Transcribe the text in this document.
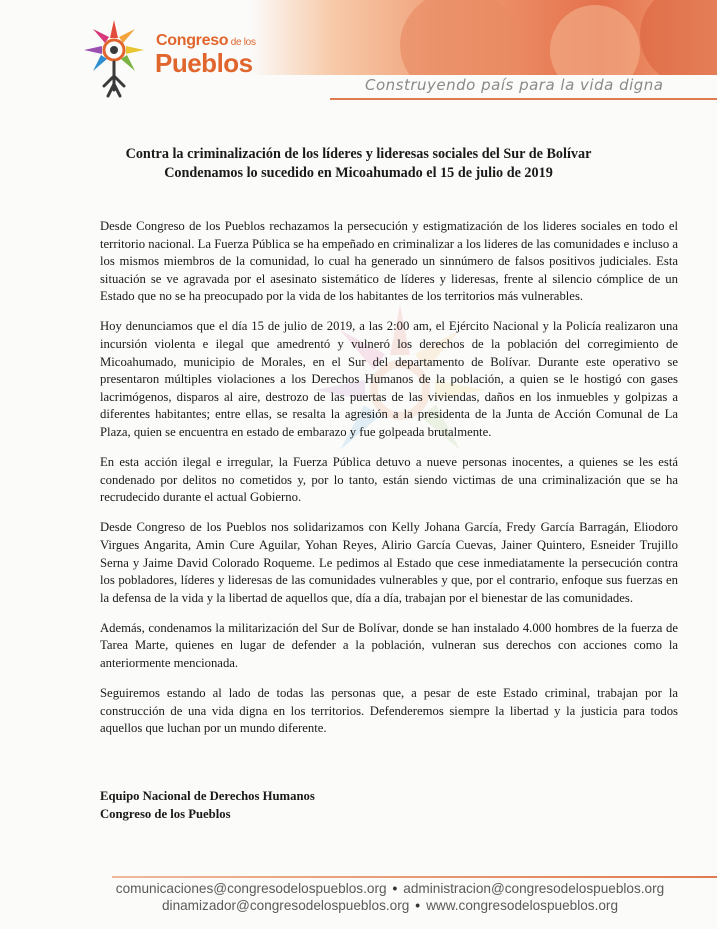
Congreso de los
Pueblos
Construyendo país para la vida digna
Contra la criminalización de los líderes y lideresas sociales del Sur de Bolívar
Condenamos lo sucedido en Micoahumado el 15 de julio de 2019

Desde Congreso de los Pueblos rechazamos la persecución y estigmatización de los lideres sociales en todo el territorio nacional. La Fuerza Pública se ha empeñado en criminalizar a los lideres de las comunidades e incluso a los mismos miembros de la comunidad, lo cual ha generado un sinnúmero de falsos positivos judiciales. Esta situación se ve agravada por el asesinato sistemático de líderes y lideresas, frente al silencio cómplice de un Estado que no se ha preocupado por la vida de los habitantes de los territorios más vulnerables.

Hoy denunciamos que el día 15 de julio de 2019, a las 2:00 am, el Ejército Nacional y la Policía realizaron una incursión violenta e ilegal que amedrentó y vulneró los derechos de la población del corregimiento de Micoahumado, municipio de Morales, en el Sur del departamento de Bolívar. Durante este operativo se presentaron múltiples violaciones a los Derechos Humanos de la población, a quien se le hostigó con gases lacrimógenos, disparos al aire, destrozo de las puertas de las viviendas, daños en los inmuebles y golpizas a diferentes habitantes; entre ellas, se resalta la agresión a la presidenta de la Junta de Acción Comunal de La Plaza, quien se encuentra en estado de embarazo y fue golpeada brutalmente.

En esta acción ilegal e irregular, la Fuerza Pública detuvo a nueve personas inocentes, a quienes se les está condenado por delitos no cometidos y, por lo tanto, están siendo victimas de una criminalización que se ha recrudecido durante el actual Gobierno.

Desde Congreso de los Pueblos nos solidarizamos con Kelly Johana García, Fredy García Barragán, Eliodoro Virgues Angarita, Amin Cure Aguilar, Yohan Reyes, Alirio García Cuevas, Jainer Quintero, Esneider Trujillo Serna y Jaime David Colorado Roqueme. Le pedimos al Estado que cese inmediatamente la persecución contra los pobladores, líderes y lideresas de las comunidades vulnerables y que, por el contrario, enfoque sus fuerzas en la defensa de la vida y la libertad de aquellos que, día a día, trabajan por el bienestar de las comunidades.

Además, condenamos la militarización del Sur de Bolívar, donde se han instalado 4.000 hombres de la fuerza de Tarea Marte, quienes en lugar de defender a la población, vulneran sus derechos con acciones como la anteriormente mencionada.

Seguiremos estando al lado de todas las personas que, a pesar de este Estado criminal, trabajan por la construcción de una vida digna en los territorios. Defenderemos siempre la libertad y la justicia para todos aquellos que luchan por un mundo diferente.

Equipo Nacional de Derechos Humanos
Congreso de los Pueblos
comunicaciones@congresodelospueblos.org • administracion@congresodelospueblos.org
dinamizador@congresodelospueblos.org • www.congresodelospueblos.org
